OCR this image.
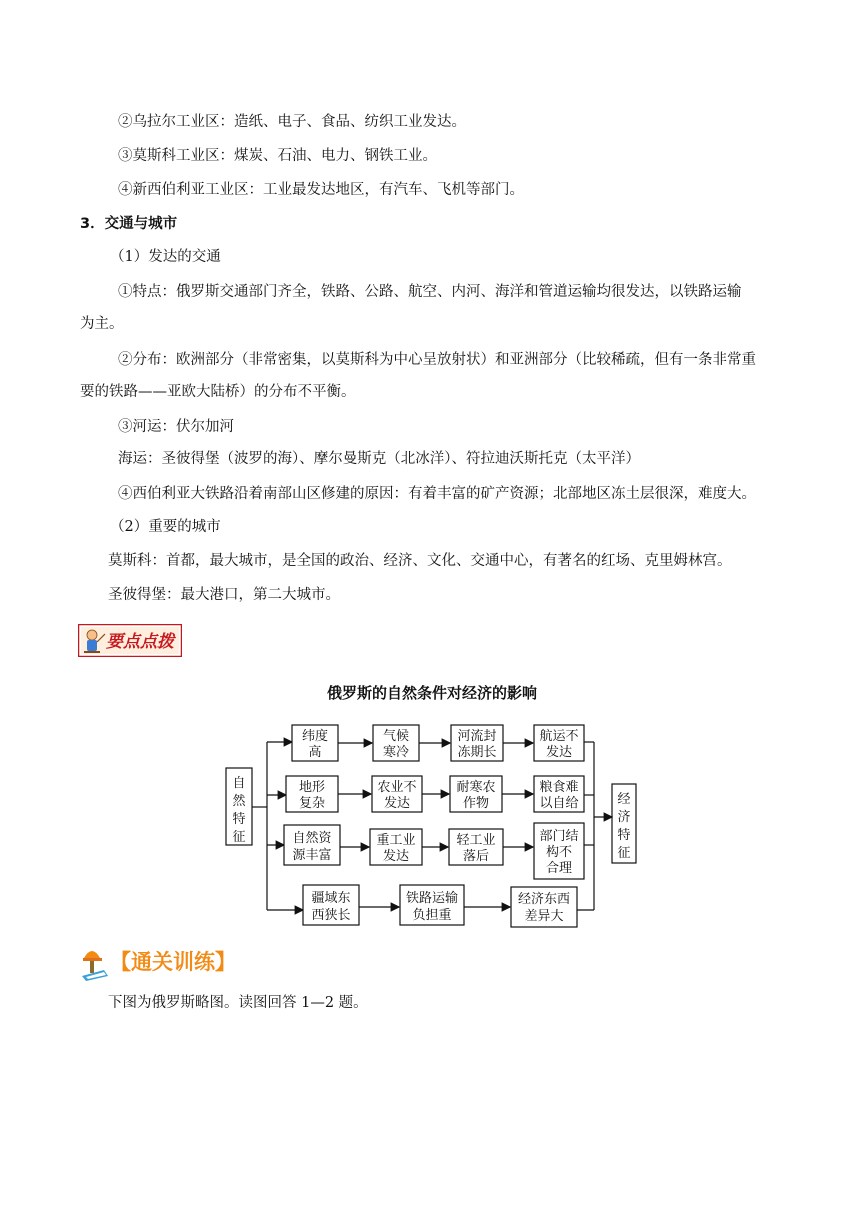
②乌拉尔工业区：造纸、电子、食品、纺织工业发达。
③莫斯科工业区：煤炭、石油、电力、钢铁工业。
④新西伯利亚工业区：工业最发达地区，有汽车、飞机等部门。
3．交通与城市
（1）发达的交通
①特点：俄罗斯交通部门齐全，铁路、公路、航空、内河、海洋和管道运输均很发达，以铁路运输
为主。
②分布：欧洲部分（非常密集，以莫斯科为中心呈放射状）和亚洲部分（比较稀疏，但有一条非常重
要的铁路——亚欧大陆桥）的分布不平衡。
③河运：伏尔加河
海运：圣彼得堡（波罗的海）、摩尔曼斯克（北冰洋）、符拉迪沃斯托克（太平洋）
④西伯利亚大铁路沿着南部山区修建的原因：有着丰富的矿产资源；北部地区冻土层很深，难度大。
（2）重要的城市
莫斯科：首都，最大城市，是全国的政治、经济、文化、交通中心，有著名的红场、克里姆林宫。
圣彼得堡：最大港口，第二大城市。
要点点拨
俄罗斯的自然条件对经济的影响
自
然
特
征
经
济
特
征
纬度
高
气候
寒冷
河流封
冻期长
航运不
发达
地形
复杂
农业不
发达
耐寒农
作物
粮食难
以自给
自然资
源丰富
重工业
发达
轻工业
落后
部门结
构不
合理
疆域东
西狭长
铁路运输
负担重
经济东西
差异大
【通关训练】
下图为俄罗斯略图。读图回答 1—2 题。
